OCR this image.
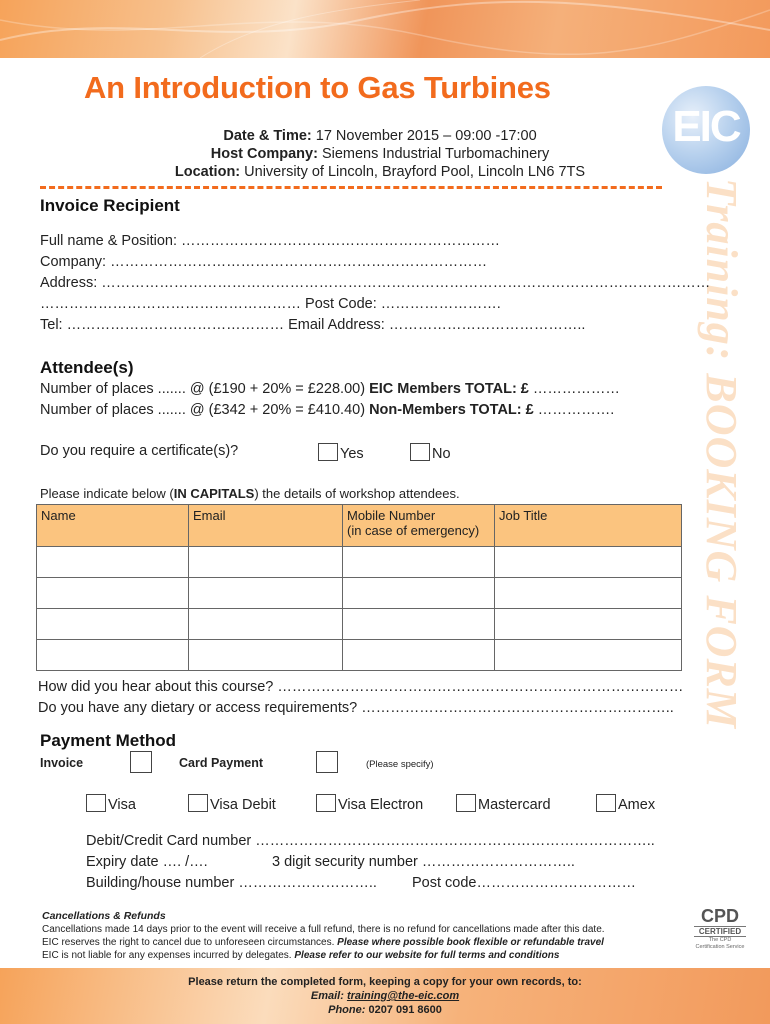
An Introduction to Gas Turbines
EIC
Training: BOOKING FORM
Date & Time: 17 November 2015 – 09:00 -17:00
Host Company: Siemens Industrial Turbomachinery
Location: University of Lincoln, Brayford Pool, Lincoln LN6 7TS
Invoice Recipient
Full name & Position: …………………………………………………………
Company: ……………………………………………………………………
Address: ………………………………………………………………………………………………………………
……………………………………………… Post Code: …………………….
Tel: ……………………………………… Email Address: …………………………………..
Attendee(s)
Number of places ....... @ (£190 + 20% = £228.00) EIC Members TOTAL: £ ………………
Number of places ....... @ (£342 + 20% = £410.40) Non-Members TOTAL: £ …………….
Do you require a certificate(s)?	Yes	No
Please indicate below (IN CAPITALS) the details of workshop attendees.
Name	Email	Mobile Number
(in case of emergency)	Job Title

How did you hear about this course? …………………………………………………………………………
Do you have any dietary or access requirements? ………………………………………………………..
Payment Method
Invoice	Card Payment	(Please specify)
Visa	Visa Debit	Visa Electron	Mastercard	Amex
Debit/Credit Card number ………………………………………………………………………..
Expiry date …. /….	3 digit security number …………………………..
Building/house number ……………………….. Post code……………………………
Cancellations & Refunds
Cancellations made 14 days prior to the event will receive a full refund, there is no refund for cancellations made after this date.
EIC reserves the right to cancel due to unforeseen circumstances. Please where possible book flexible or refundable travel
EIC is not liable for any expenses incurred by delegates. Please refer to our website for full terms and conditions
CPD
CERTIFIED
The CPD Certification Service
Please return the completed form, keeping a copy for your own records, to:
Email: training@the-eic.com
Phone: 0207 091 8600
